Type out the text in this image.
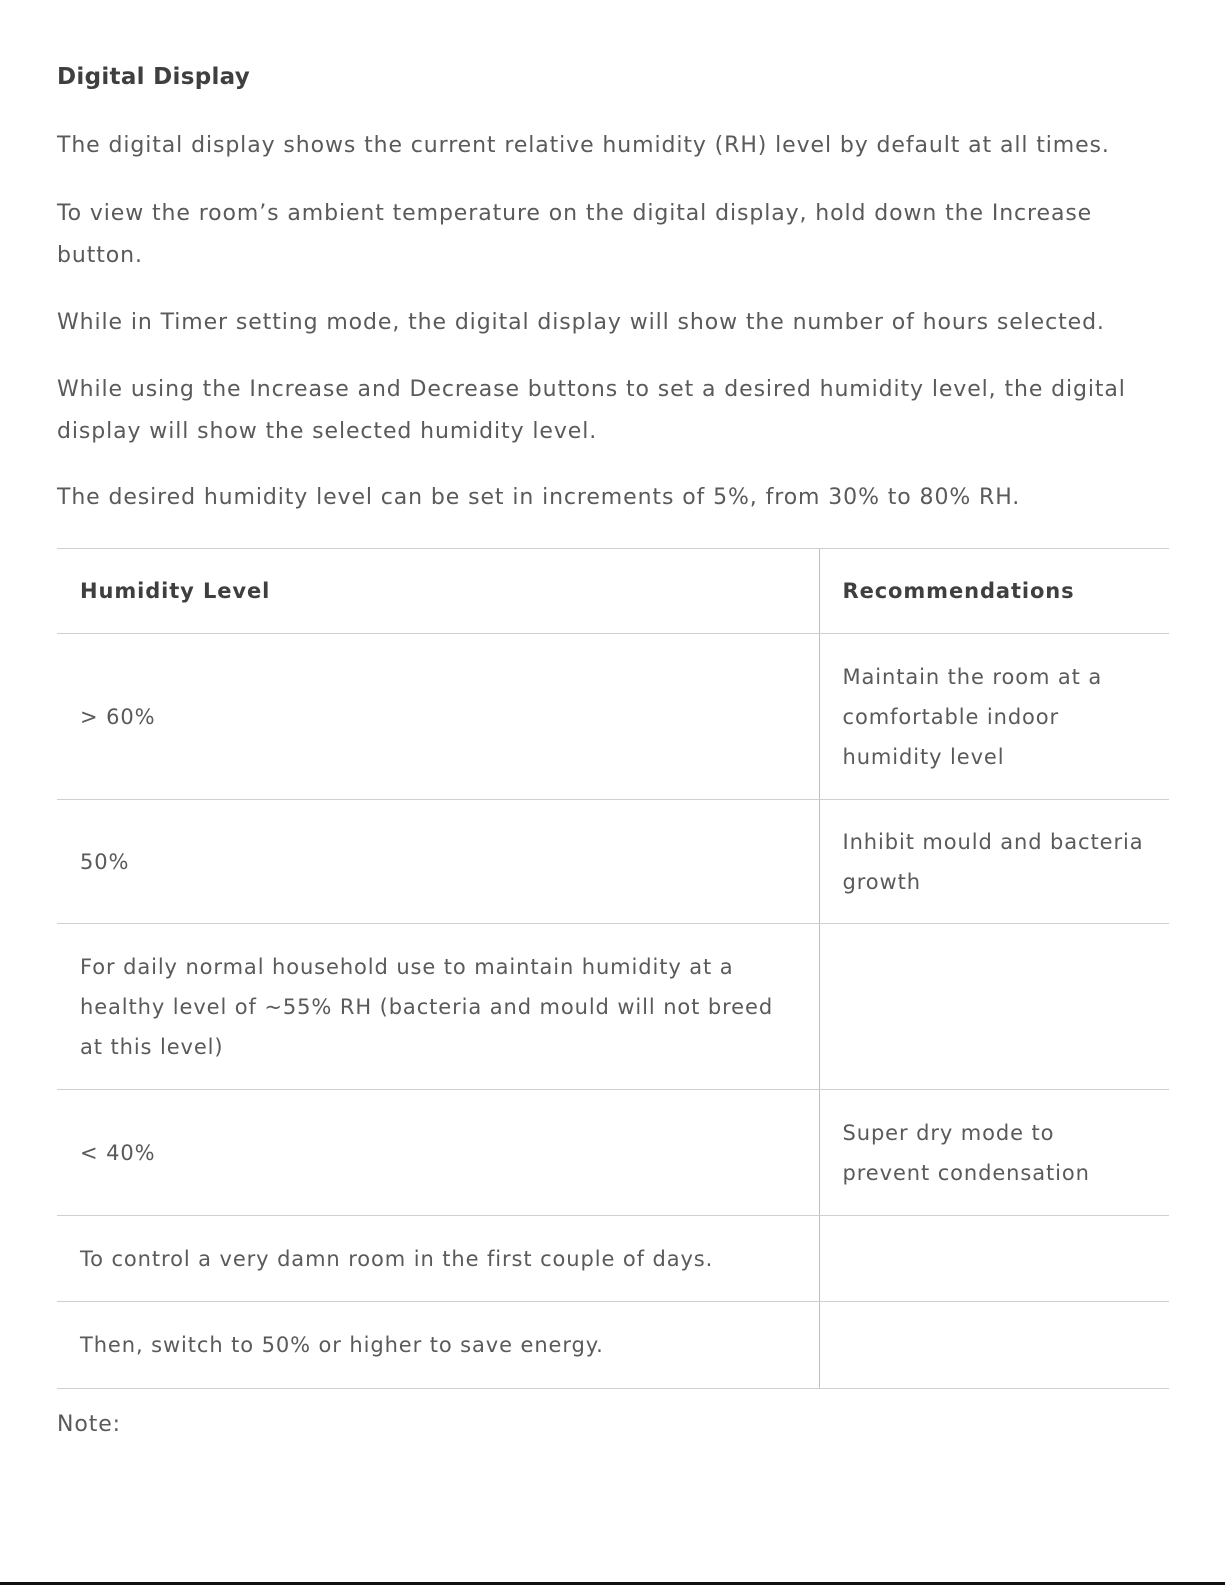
Digital Display

The digital display shows the current relative humidity (RH) level by default at all times.

To view the room’s ambient temperature on the digital display, hold down the Increase button.

While in Timer setting mode, the digital display will show the number of hours selected.

While using the Increase and Decrease buttons to set a desired humidity level, the digital display will show the selected humidity level.

The desired humidity level can be set in increments of 5%, from 30% to 80% RH.

Humidity Level	Recommendations
> 60%	Maintain the room at a comfortable indoor humidity level
50%	Inhibit mould and bacteria growth
For daily normal household use to maintain humidity at a healthy level of ~55% RH (bacteria and mould will not breed at this level)	
< 40%	Super dry mode to prevent condensation
To control a very damn room in the first couple of days.	
Then, switch to 50% or higher to save energy.	

Note:
